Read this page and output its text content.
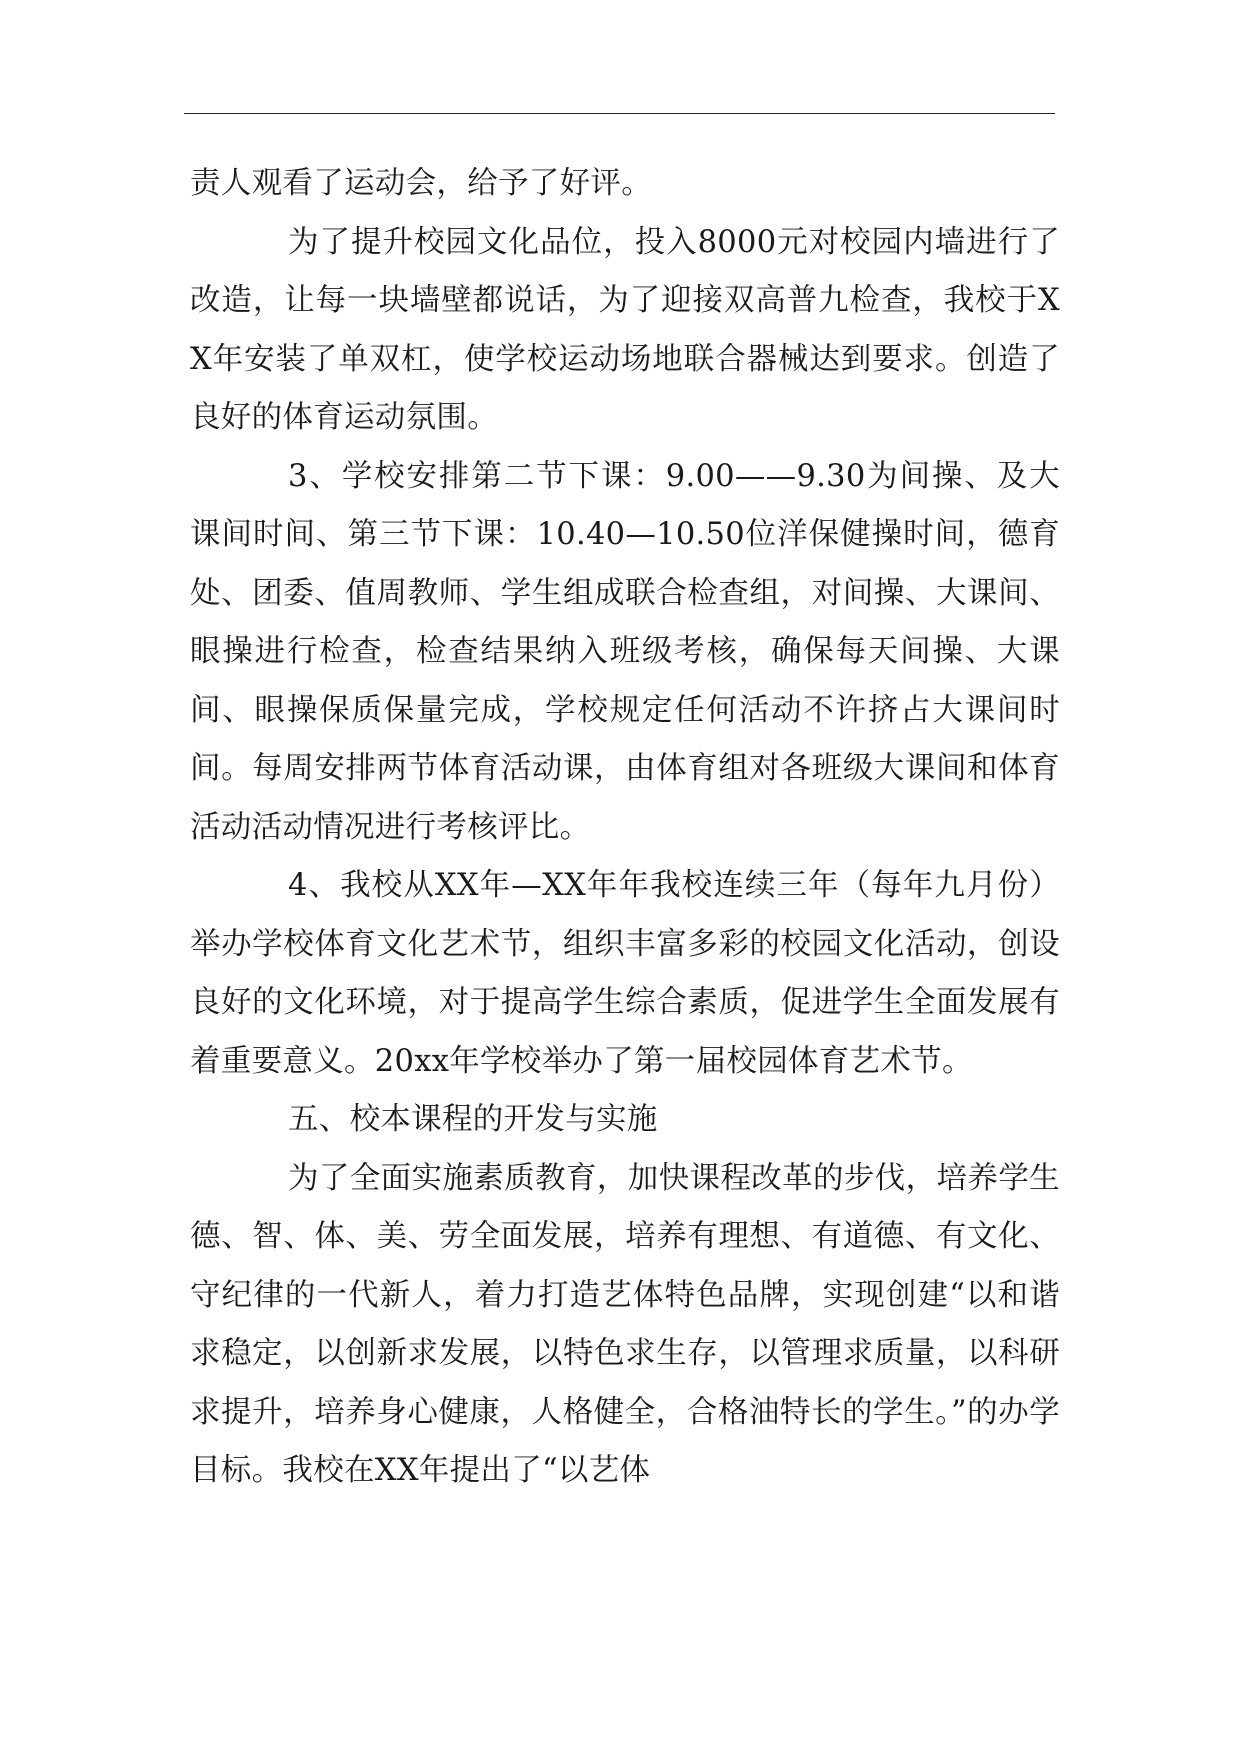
责人观看了运动会，给予了好评。

为了提升校园文化品位，投入8000元对校园内墙进行了改造，让每一块墙壁都说话，为了迎接双高普九检查，我校于XX年安装了单双杠，使学校运动场地联合器械达到要求。创造了良好的体育运动氛围。

3、学校安排第二节下课：9.00——9.30为间操、及大课间时间、第三节下课：10.40—10.50位洋保健操时间，德育处、团委、值周教师、学生组成联合检查组，对间操、大课间、眼操进行检查，检查结果纳入班级考核，确保每天间操、大课间、眼操保质保量完成，学校规定任何活动不许挤占大课间时间。每周安排两节体育活动课，由体育组对各班级大课间和体育活动活动情况进行考核评比。

4、我校从XX年—XX年年我校连续三年（每年九月份）举办学校体育文化艺术节，组织丰富多彩的校园文化活动，创设良好的文化环境，对于提高学生综合素质，促进学生全面发展有着重要意义。20xx年学校举办了第一届校园体育艺术节。

五、校本课程的开发与实施

为了全面实施素质教育，加快课程改革的步伐，培养学生德、智、体、美、劳全面发展，培养有理想、有道德、有文化、守纪律的一代新人，着力打造艺体特色品牌，实现创建“以和谐求稳定，以创新求发展，以特色求生存，以管理求质量，以科研求提升，培养身心健康，人格健全，合格油特长的学生。”的办学目标。我校在XX年提出了“以艺体
